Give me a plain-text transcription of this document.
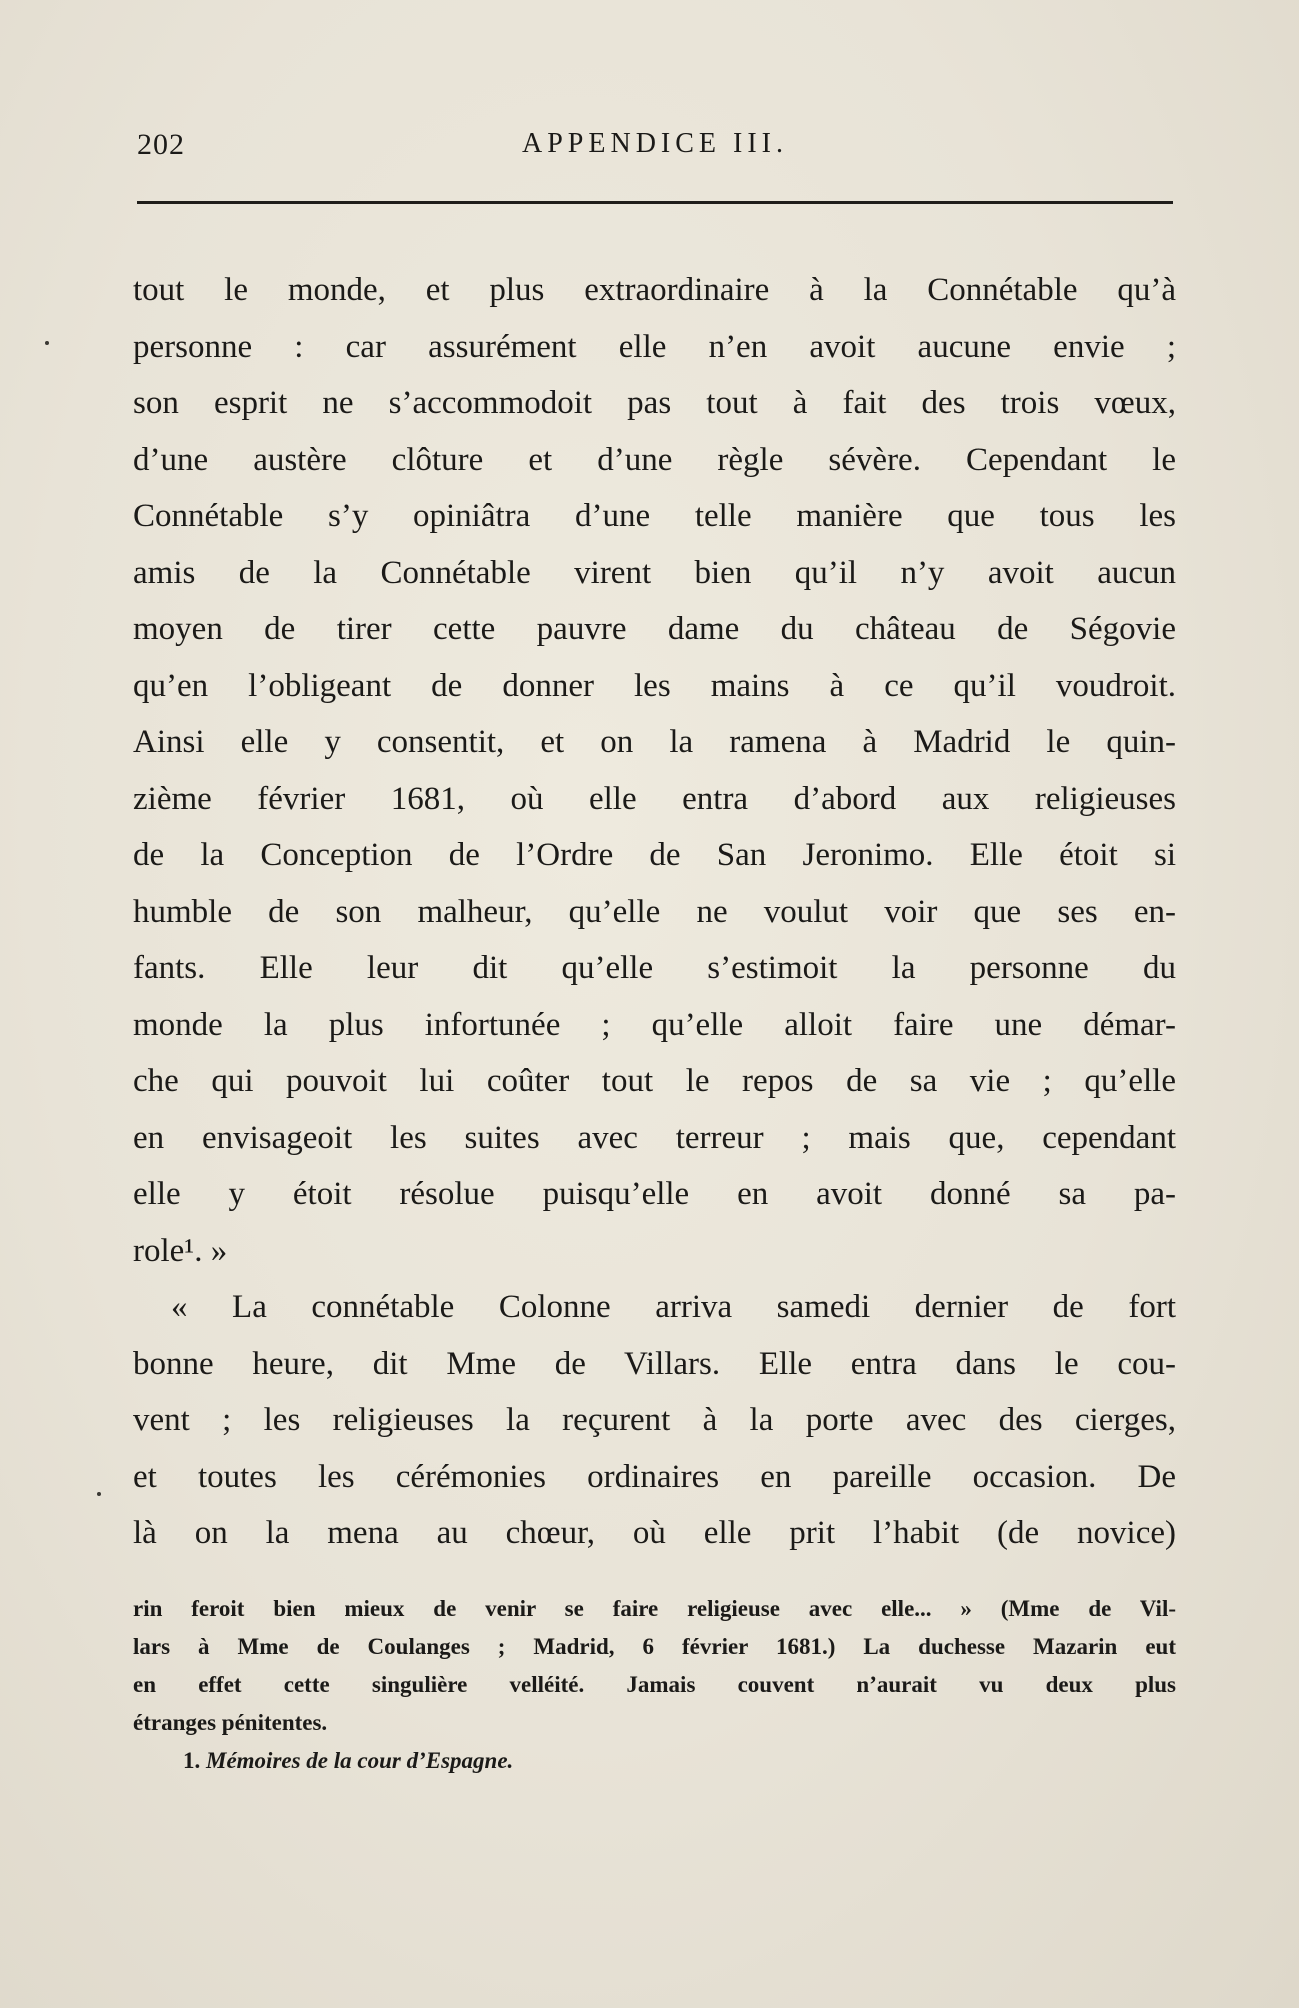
202	APPENDICE III.
tout le monde, et plus extraordinaire à la Connétable qu’à
personne : car assurément elle n’en avoit aucune envie ;
son esprit ne s’accommodoit pas tout à fait des trois vœux,
d’une austère clôture et d’une règle sévère. Cependant le
Connétable s’y opiniâtra d’une telle manière que tous les
amis de la Connétable virent bien qu’il n’y avoit aucun
moyen de tirer cette pauvre dame du château de Ségovie
qu’en l’obligeant de donner les mains à ce qu’il voudroit.
Ainsi elle y consentit, et on la ramena à Madrid le quin-
zième février 1681, où elle entra d’abord aux religieuses
de la Conception de l’Ordre de San Jeronimo. Elle étoit si
humble de son malheur, qu’elle ne voulut voir que ses en-
fants. Elle leur dit qu’elle s’estimoit la personne du
monde la plus infortunée ; qu’elle alloit faire une démar-
che qui pouvoit lui coûter tout le repos de sa vie ; qu’elle
en envisageoit les suites avec terreur ; mais que, cependant
elle y étoit résolue puisqu’elle en avoit donné sa pa-
role¹. »
« La connétable Colonne arriva samedi dernier de fort
bonne heure, dit Mme de Villars. Elle entra dans le cou-
vent ; les religieuses la reçurent à la porte avec des cierges,
et toutes les cérémonies ordinaires en pareille occasion. De
là on la mena au chœur, où elle prit l’habit (de novice)
rin feroit bien mieux de venir se faire religieuse avec elle... » (Mme de Vil-
lars à Mme de Coulanges ; Madrid, 6 février 1681.) La duchesse Mazarin eut
en effet cette singulière velléité. Jamais couvent n’aurait vu deux plus
étranges pénitentes.
1. Mémoires de la cour d’Espagne.
